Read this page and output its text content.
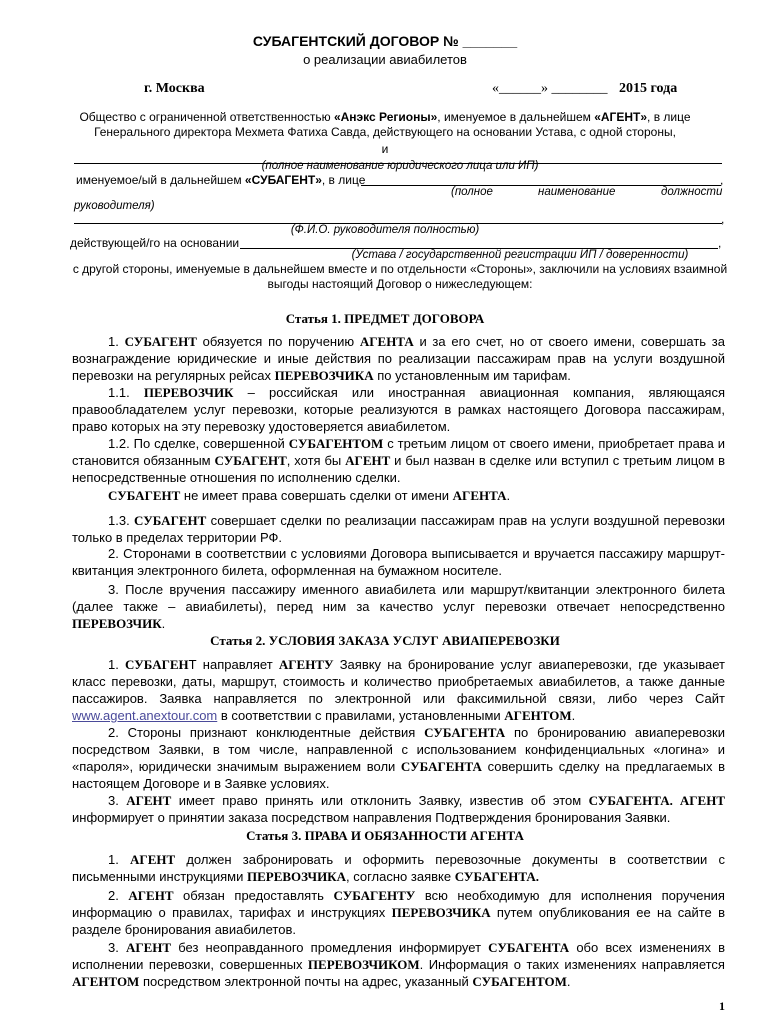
СУБАГЕНТСКИЙ ДОГОВОР № _______
о реализации авиабилетов
г. Москва	«______» ________ 2015 года
Общество с ограниченной ответственностью «Анэкс Регионы», именуемое в дальнейшем «АГЕНТ», в лице
Генерального директора Мехмета Фатиха Савда, действующего на основании Устава, с одной стороны,
и
(полное наименование юридического лица или ИП)
именуемое/ый в дальнейшем «СУБАГЕНТ», в лице	,
(полное	наименование	должности
руководителя)
,
(Ф.И.О. руководителя полностью)
действующей/го на основании	,
(Устава / государственной регистрации ИП / доверенности)
с другой стороны, именуемые в дальнейшем вместе и по отдельности «Стороны», заключили на условиях взаимной выгоды настоящий Договор о нижеследующем:
Статья 1. ПРЕДМЕТ ДОГОВОРА
1. СУБАГЕНТ обязуется по поручению АГЕНТА и за его счет, но от своего имени, совершать за вознаграждение юридические и иные действия по реализации пассажирам прав на услуги воздушной перевозки на регулярных рейсах ПЕРЕВОЗЧИКА по установленным им тарифам.
1.1. ПЕРЕВОЗЧИК – российская или иностранная авиационная компания, являющаяся правообладателем услуг перевозки, которые реализуются в рамках настоящего Договора пассажирам, право которых на эту перевозку удостоверяется авиабилетом.
1.2. По сделке, совершенной СУБАГЕНТОМ с третьим лицом от своего имени, приобретает права и становится обязанным СУБАГЕНТ, хотя бы АГЕНТ и был назван в сделке или вступил с третьим лицом в непосредственные отношения по исполнению сделки.
СУБАГЕНТ не имеет права совершать сделки от имени АГЕНТА.
1.3. СУБАГЕНТ совершает сделки по реализации пассажирам прав на услуги воздушной перевозки только в пределах территории РФ.
2. Сторонами в соответствии с условиями Договора выписывается и вручается пассажиру маршрут-квитанция электронного билета, оформленная на бумажном носителе.
3. После вручения пассажиру именного авиабилета или маршрут/квитанции электронного билета (далее также – авиабилеты), перед ним за качество услуг перевозки отвечает непосредственно ПЕРЕВОЗЧИК.
Статья 2. УСЛОВИЯ ЗАКАЗА УСЛУГ АВИАПЕРЕВОЗКИ
1. СУБАГЕНТ направляет АГЕНТУ Заявку на бронирование услуг авиаперевозки, где указывает класс перевозки, даты, маршрут, стоимость и количество приобретаемых авиабилетов, а также данные пассажиров. Заявка направляется по электронной или факсимильной связи, либо через Сайт www.agent.anextour.com в соответствии с правилами, установленными АГЕНТОМ.
2. Стороны признают конклюдентные действия СУБАГЕНТА по бронированию авиаперевозки посредством Заявки, в том числе, направленной с использованием конфиденциальных «логина» и «пароля», юридически значимым выражением воли СУБАГЕНТА совершить сделку на предлагаемых в настоящем Договоре и в Заявке условиях.
3. АГЕНТ имеет право принять или отклонить Заявку, известив об этом СУБАГЕНТА. АГЕНТ информирует о принятии заказа посредством направления Подтверждения бронирования Заявки.
Статья 3. ПРАВА И ОБЯЗАННОСТИ АГЕНТА
1. АГЕНТ должен забронировать и оформить перевозочные документы в соответствии с письменными инструкциями ПЕРЕВОЗЧИКА, согласно заявке СУБАГЕНТА.
2. АГЕНТ обязан предоставлять СУБАГЕНТУ всю необходимую для исполнения поручения информацию о правилах, тарифах и инструкциях ПЕРЕВОЗЧИКА путем опубликования ее на сайте в разделе бронирования авиабилетов.
3. АГЕНТ без неоправданного промедления информирует СУБАГЕНТА обо всех изменениях в исполнении перевозки, совершенных ПЕРЕВОЗЧИКОМ. Информация о таких изменениях направляется АГЕНТОМ посредством электронной почты на адрес, указанный СУБАГЕНТОМ.
1
